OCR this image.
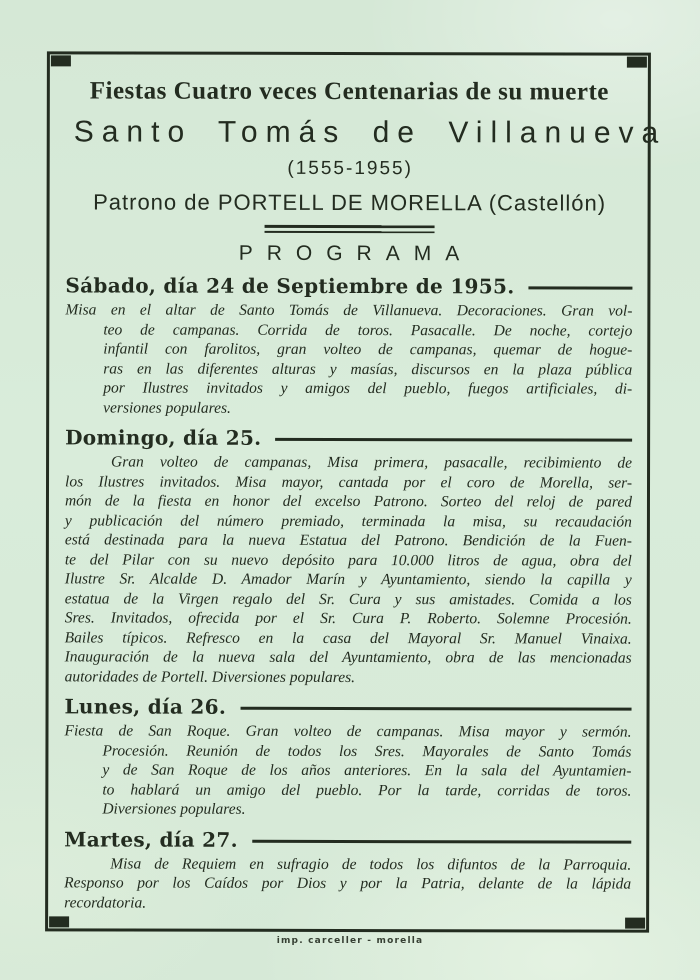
Fiestas Cuatro veces Centenarias de su muerte
Santo Tomás de Villanueva
(1555-1955)
Patrono de PORTELL DE MORELLA (Castellón)
PROGRAMA
Sábado, día 24 de Septiembre de 1955.
Misa en el altar de Santo Tomás de Villanueva. Decoraciones. Gran vol-
teo de campanas. Corrida de toros. Pasacalle. De noche, cortejo
infantil con farolitos, gran volteo de campanas, quemar de hogue-
ras en las diferentes alturas y masías, discursos en la plaza pública
por Ilustres invitados y amigos del pueblo, fuegos artificiales, di-
versiones populares.
Domingo, día 25.
Gran volteo de campanas, Misa primera, pasacalle, recibimiento de
los Ilustres invitados. Misa mayor, cantada por el coro de Morella, ser-
món de la fiesta en honor del excelso Patrono. Sorteo del reloj de pared
y publicación del número premiado, terminada la misa, su recaudación
está destinada para la nueva Estatua del Patrono. Bendición de la Fuen-
te del Pilar con su nuevo depósito para 10.000 litros de agua, obra del
Ilustre Sr. Alcalde D. Amador Marín y Ayuntamiento, siendo la capilla y
estatua de la Virgen regalo del Sr. Cura y sus amistades. Comida a los
Sres. Invitados, ofrecida por el Sr. Cura P. Roberto. Solemne Procesión.
Bailes típicos. Refresco en la casa del Mayoral Sr. Manuel Vinaixa.
Inauguración de la nueva sala del Ayuntamiento, obra de las mencionadas
autoridades de Portell. Diversiones populares.
Lunes, día 26.
Fiesta de San Roque. Gran volteo de campanas. Misa mayor y sermón.
Procesión. Reunión de todos los Sres. Mayorales de Santo Tomás
y de San Roque de los años anteriores. En la sala del Ayuntamien-
to hablará un amigo del pueblo. Por la tarde, corridas de toros.
Diversiones populares.
Martes, día 27.
Misa de Requiem en sufragio de todos los difuntos de la Parroquia.
Responso por los Caídos por Dios y por la Patria, delante de la lápida
recordatoria.
imp. carceller - morella
